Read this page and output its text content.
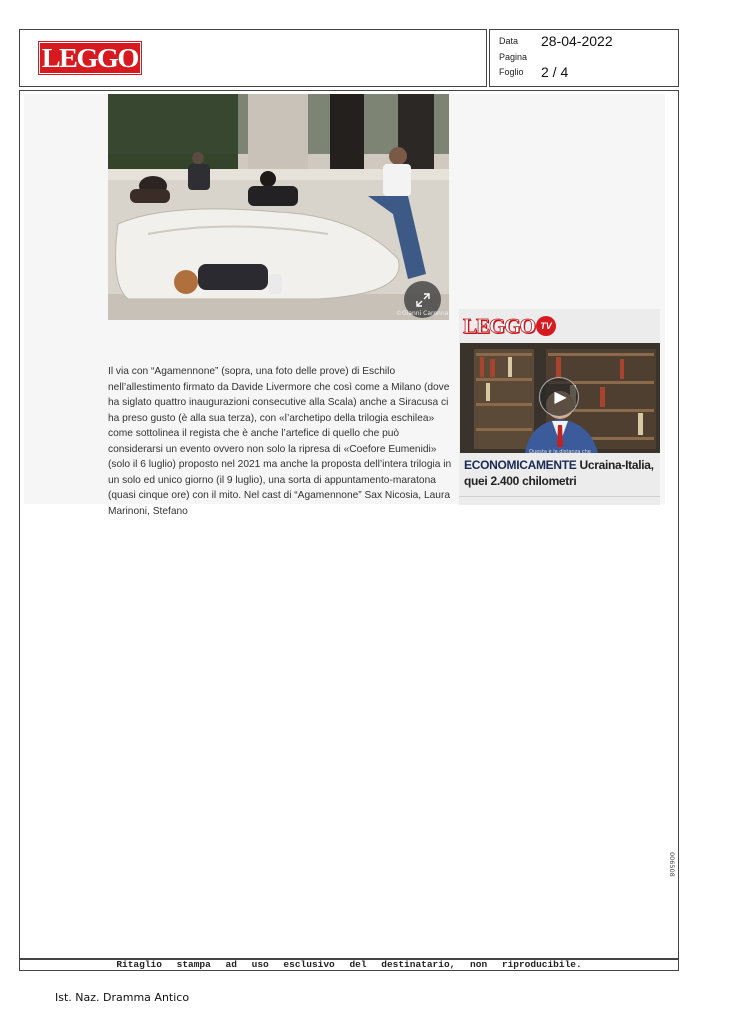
LEGGO
Data 28-04-2022
Pagina
Foglio 2 / 4
©Gianni Caronna

Il via con “Agamennone” (sopra, una foto delle prove) di Eschilo nell’allestimento firmato da Davide Livermore che così come a Milano (dove ha siglato quattro inaugurazioni consecutive alla Scala) anche a Siracusa ci ha preso gusto (è alla sua terza), con «l’archetipo della trilogia eschilea» come sottolinea il regista che è anche l’artefice di quello che può considerarsi un evento ovvero non solo la ripresa di «Coefore Eumenidi» (solo il 6 luglio) proposto nel 2021 ma anche la proposta dell’intera trilogia in un solo ed unico giorno (il 9 luglio), una sorta di appuntamento-maratona (quasi cinque ore) con il mito. Nel cast di “Agamennone” Sax Nicosia, Laura Marinoni, Stefano

LEGGO TV
▶
Questa è la distanza che
ECONOMICAMENTE Ucraina-Italia, quei 2.400 chilometri
Ritaglio stampa ad uso esclusivo del destinatario, non riproducibile.
006508
Ist. Naz. Dramma Antico
